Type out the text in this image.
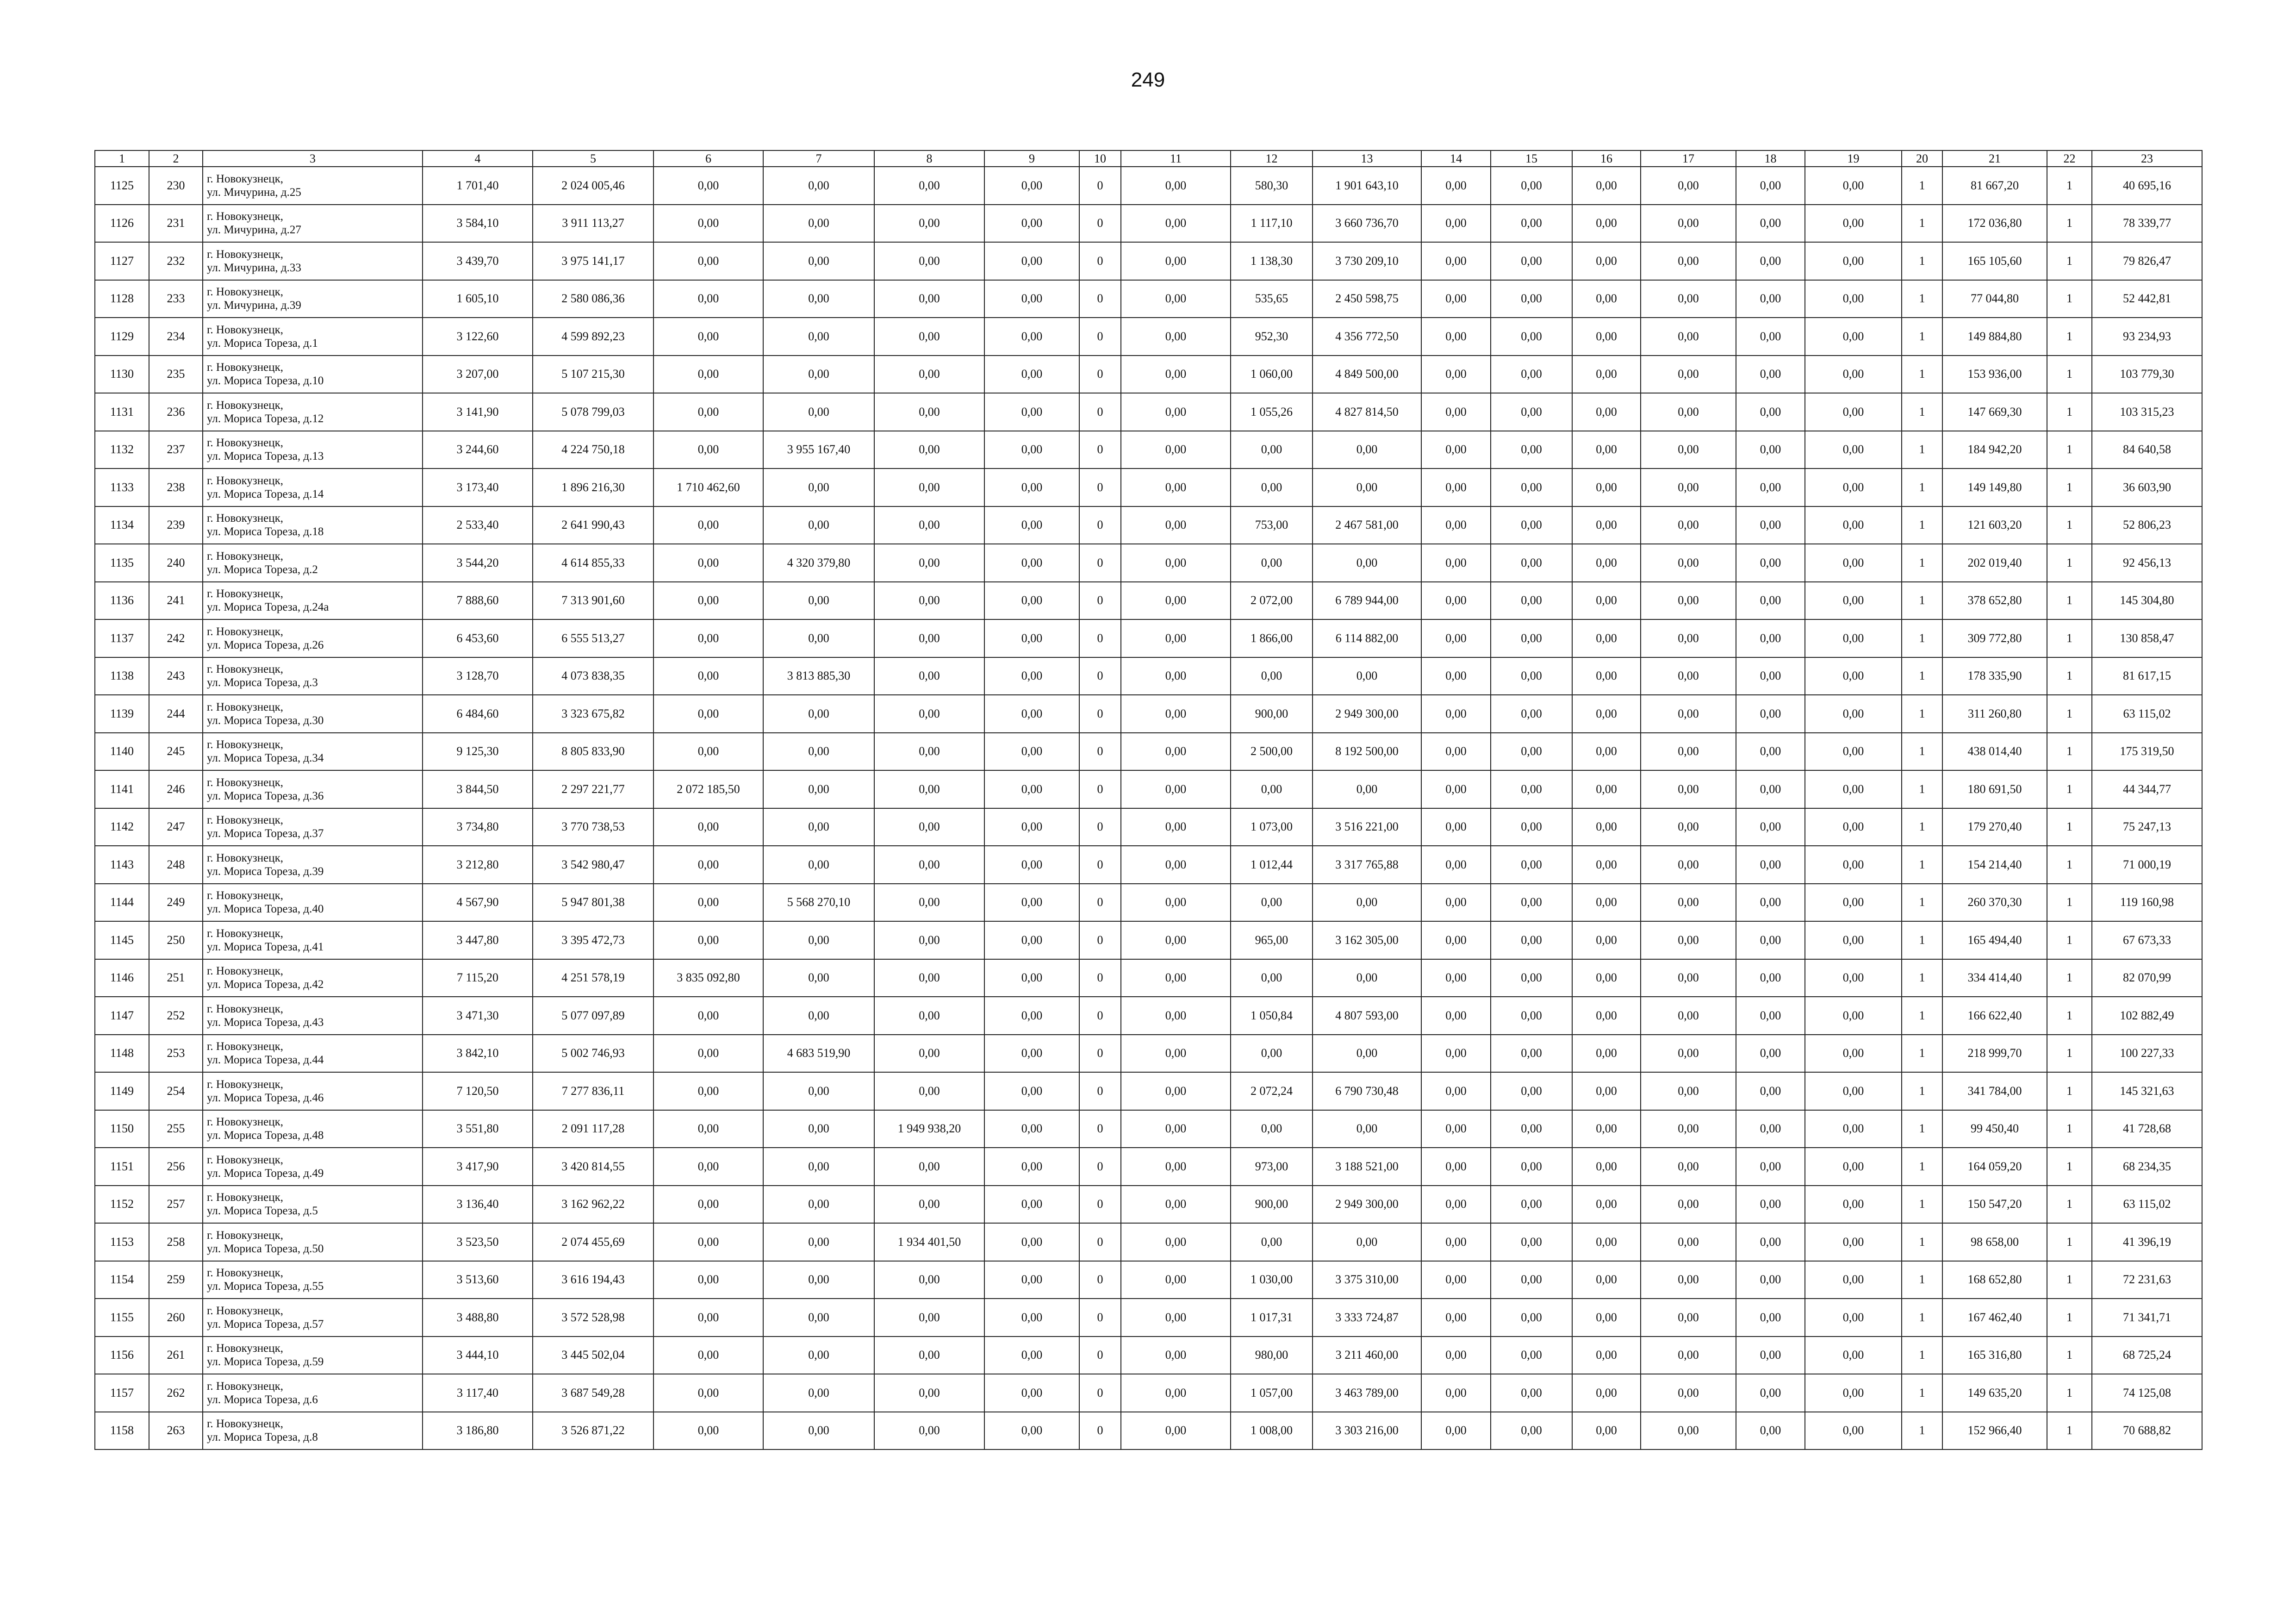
249
1	2	3	4	5	6	7	8	9	10	11	12	13	14	15	16	17	18	19	20	21	22	23
1125	230	г. Новокузнецк,
ул. Мичурина, д.25	1 701,40	2 024 005,46	0,00	0,00	0,00	0,00	0	0,00	580,30	1 901 643,10	0,00	0,00	0,00	0,00	0,00	0,00	1	81 667,20	1	40 695,16
1126	231	г. Новокузнецк,
ул. Мичурина, д.27	3 584,10	3 911 113,27	0,00	0,00	0,00	0,00	0	0,00	1 117,10	3 660 736,70	0,00	0,00	0,00	0,00	0,00	0,00	1	172 036,80	1	78 339,77
1127	232	г. Новокузнецк,
ул. Мичурина, д.33	3 439,70	3 975 141,17	0,00	0,00	0,00	0,00	0	0,00	1 138,30	3 730 209,10	0,00	0,00	0,00	0,00	0,00	0,00	1	165 105,60	1	79 826,47
1128	233	г. Новокузнецк,
ул. Мичурина, д.39	1 605,10	2 580 086,36	0,00	0,00	0,00	0,00	0	0,00	535,65	2 450 598,75	0,00	0,00	0,00	0,00	0,00	0,00	1	77 044,80	1	52 442,81
1129	234	г. Новокузнецк,
ул. Мориса Тореза, д.1	3 122,60	4 599 892,23	0,00	0,00	0,00	0,00	0	0,00	952,30	4 356 772,50	0,00	0,00	0,00	0,00	0,00	0,00	1	149 884,80	1	93 234,93
1130	235	г. Новокузнецк,
ул. Мориса Тореза, д.10	3 207,00	5 107 215,30	0,00	0,00	0,00	0,00	0	0,00	1 060,00	4 849 500,00	0,00	0,00	0,00	0,00	0,00	0,00	1	153 936,00	1	103 779,30
1131	236	г. Новокузнецк,
ул. Мориса Тореза, д.12	3 141,90	5 078 799,03	0,00	0,00	0,00	0,00	0	0,00	1 055,26	4 827 814,50	0,00	0,00	0,00	0,00	0,00	0,00	1	147 669,30	1	103 315,23
1132	237	г. Новокузнецк,
ул. Мориса Тореза, д.13	3 244,60	4 224 750,18	0,00	3 955 167,40	0,00	0,00	0	0,00	0,00	0,00	0,00	0,00	0,00	0,00	0,00	0,00	1	184 942,20	1	84 640,58
1133	238	г. Новокузнецк,
ул. Мориса Тореза, д.14	3 173,40	1 896 216,30	1 710 462,60	0,00	0,00	0,00	0	0,00	0,00	0,00	0,00	0,00	0,00	0,00	0,00	0,00	1	149 149,80	1	36 603,90
1134	239	г. Новокузнецк,
ул. Мориса Тореза, д.18	2 533,40	2 641 990,43	0,00	0,00	0,00	0,00	0	0,00	753,00	2 467 581,00	0,00	0,00	0,00	0,00	0,00	0,00	1	121 603,20	1	52 806,23
1135	240	г. Новокузнецк,
ул. Мориса Тореза, д.2	3 544,20	4 614 855,33	0,00	4 320 379,80	0,00	0,00	0	0,00	0,00	0,00	0,00	0,00	0,00	0,00	0,00	0,00	1	202 019,40	1	92 456,13
1136	241	г. Новокузнецк,
ул. Мориса Тореза, д.24а	7 888,60	7 313 901,60	0,00	0,00	0,00	0,00	0	0,00	2 072,00	6 789 944,00	0,00	0,00	0,00	0,00	0,00	0,00	1	378 652,80	1	145 304,80
1137	242	г. Новокузнецк,
ул. Мориса Тореза, д.26	6 453,60	6 555 513,27	0,00	0,00	0,00	0,00	0	0,00	1 866,00	6 114 882,00	0,00	0,00	0,00	0,00	0,00	0,00	1	309 772,80	1	130 858,47
1138	243	г. Новокузнецк,
ул. Мориса Тореза, д.3	3 128,70	4 073 838,35	0,00	3 813 885,30	0,00	0,00	0	0,00	0,00	0,00	0,00	0,00	0,00	0,00	0,00	0,00	1	178 335,90	1	81 617,15
1139	244	г. Новокузнецк,
ул. Мориса Тореза, д.30	6 484,60	3 323 675,82	0,00	0,00	0,00	0,00	0	0,00	900,00	2 949 300,00	0,00	0,00	0,00	0,00	0,00	0,00	1	311 260,80	1	63 115,02
1140	245	г. Новокузнецк,
ул. Мориса Тореза, д.34	9 125,30	8 805 833,90	0,00	0,00	0,00	0,00	0	0,00	2 500,00	8 192 500,00	0,00	0,00	0,00	0,00	0,00	0,00	1	438 014,40	1	175 319,50
1141	246	г. Новокузнецк,
ул. Мориса Тореза, д.36	3 844,50	2 297 221,77	2 072 185,50	0,00	0,00	0,00	0	0,00	0,00	0,00	0,00	0,00	0,00	0,00	0,00	0,00	1	180 691,50	1	44 344,77
1142	247	г. Новокузнецк,
ул. Мориса Тореза, д.37	3 734,80	3 770 738,53	0,00	0,00	0,00	0,00	0	0,00	1 073,00	3 516 221,00	0,00	0,00	0,00	0,00	0,00	0,00	1	179 270,40	1	75 247,13
1143	248	г. Новокузнецк,
ул. Мориса Тореза, д.39	3 212,80	3 542 980,47	0,00	0,00	0,00	0,00	0	0,00	1 012,44	3 317 765,88	0,00	0,00	0,00	0,00	0,00	0,00	1	154 214,40	1	71 000,19
1144	249	г. Новокузнецк,
ул. Мориса Тореза, д.40	4 567,90	5 947 801,38	0,00	5 568 270,10	0,00	0,00	0	0,00	0,00	0,00	0,00	0,00	0,00	0,00	0,00	0,00	1	260 370,30	1	119 160,98
1145	250	г. Новокузнецк,
ул. Мориса Тореза, д.41	3 447,80	3 395 472,73	0,00	0,00	0,00	0,00	0	0,00	965,00	3 162 305,00	0,00	0,00	0,00	0,00	0,00	0,00	1	165 494,40	1	67 673,33
1146	251	г. Новокузнецк,
ул. Мориса Тореза, д.42	7 115,20	4 251 578,19	3 835 092,80	0,00	0,00	0,00	0	0,00	0,00	0,00	0,00	0,00	0,00	0,00	0,00	0,00	1	334 414,40	1	82 070,99
1147	252	г. Новокузнецк,
ул. Мориса Тореза, д.43	3 471,30	5 077 097,89	0,00	0,00	0,00	0,00	0	0,00	1 050,84	4 807 593,00	0,00	0,00	0,00	0,00	0,00	0,00	1	166 622,40	1	102 882,49
1148	253	г. Новокузнецк,
ул. Мориса Тореза, д.44	3 842,10	5 002 746,93	0,00	4 683 519,90	0,00	0,00	0	0,00	0,00	0,00	0,00	0,00	0,00	0,00	0,00	0,00	1	218 999,70	1	100 227,33
1149	254	г. Новокузнецк,
ул. Мориса Тореза, д.46	7 120,50	7 277 836,11	0,00	0,00	0,00	0,00	0	0,00	2 072,24	6 790 730,48	0,00	0,00	0,00	0,00	0,00	0,00	1	341 784,00	1	145 321,63
1150	255	г. Новокузнецк,
ул. Мориса Тореза, д.48	3 551,80	2 091 117,28	0,00	0,00	1 949 938,20	0,00	0	0,00	0,00	0,00	0,00	0,00	0,00	0,00	0,00	0,00	1	99 450,40	1	41 728,68
1151	256	г. Новокузнецк,
ул. Мориса Тореза, д.49	3 417,90	3 420 814,55	0,00	0,00	0,00	0,00	0	0,00	973,00	3 188 521,00	0,00	0,00	0,00	0,00	0,00	0,00	1	164 059,20	1	68 234,35
1152	257	г. Новокузнецк,
ул. Мориса Тореза, д.5	3 136,40	3 162 962,22	0,00	0,00	0,00	0,00	0	0,00	900,00	2 949 300,00	0,00	0,00	0,00	0,00	0,00	0,00	1	150 547,20	1	63 115,02
1153	258	г. Новокузнецк,
ул. Мориса Тореза, д.50	3 523,50	2 074 455,69	0,00	0,00	1 934 401,50	0,00	0	0,00	0,00	0,00	0,00	0,00	0,00	0,00	0,00	0,00	1	98 658,00	1	41 396,19
1154	259	г. Новокузнецк,
ул. Мориса Тореза, д.55	3 513,60	3 616 194,43	0,00	0,00	0,00	0,00	0	0,00	1 030,00	3 375 310,00	0,00	0,00	0,00	0,00	0,00	0,00	1	168 652,80	1	72 231,63
1155	260	г. Новокузнецк,
ул. Мориса Тореза, д.57	3 488,80	3 572 528,98	0,00	0,00	0,00	0,00	0	0,00	1 017,31	3 333 724,87	0,00	0,00	0,00	0,00	0,00	0,00	1	167 462,40	1	71 341,71
1156	261	г. Новокузнецк,
ул. Мориса Тореза, д.59	3 444,10	3 445 502,04	0,00	0,00	0,00	0,00	0	0,00	980,00	3 211 460,00	0,00	0,00	0,00	0,00	0,00	0,00	1	165 316,80	1	68 725,24
1157	262	г. Новокузнецк,
ул. Мориса Тореза, д.6	3 117,40	3 687 549,28	0,00	0,00	0,00	0,00	0	0,00	1 057,00	3 463 789,00	0,00	0,00	0,00	0,00	0,00	0,00	1	149 635,20	1	74 125,08
1158	263	г. Новокузнецк,
ул. Мориса Тореза, д.8	3 186,80	3 526 871,22	0,00	0,00	0,00	0,00	0	0,00	1 008,00	3 303 216,00	0,00	0,00	0,00	0,00	0,00	0,00	1	152 966,40	1	70 688,82
